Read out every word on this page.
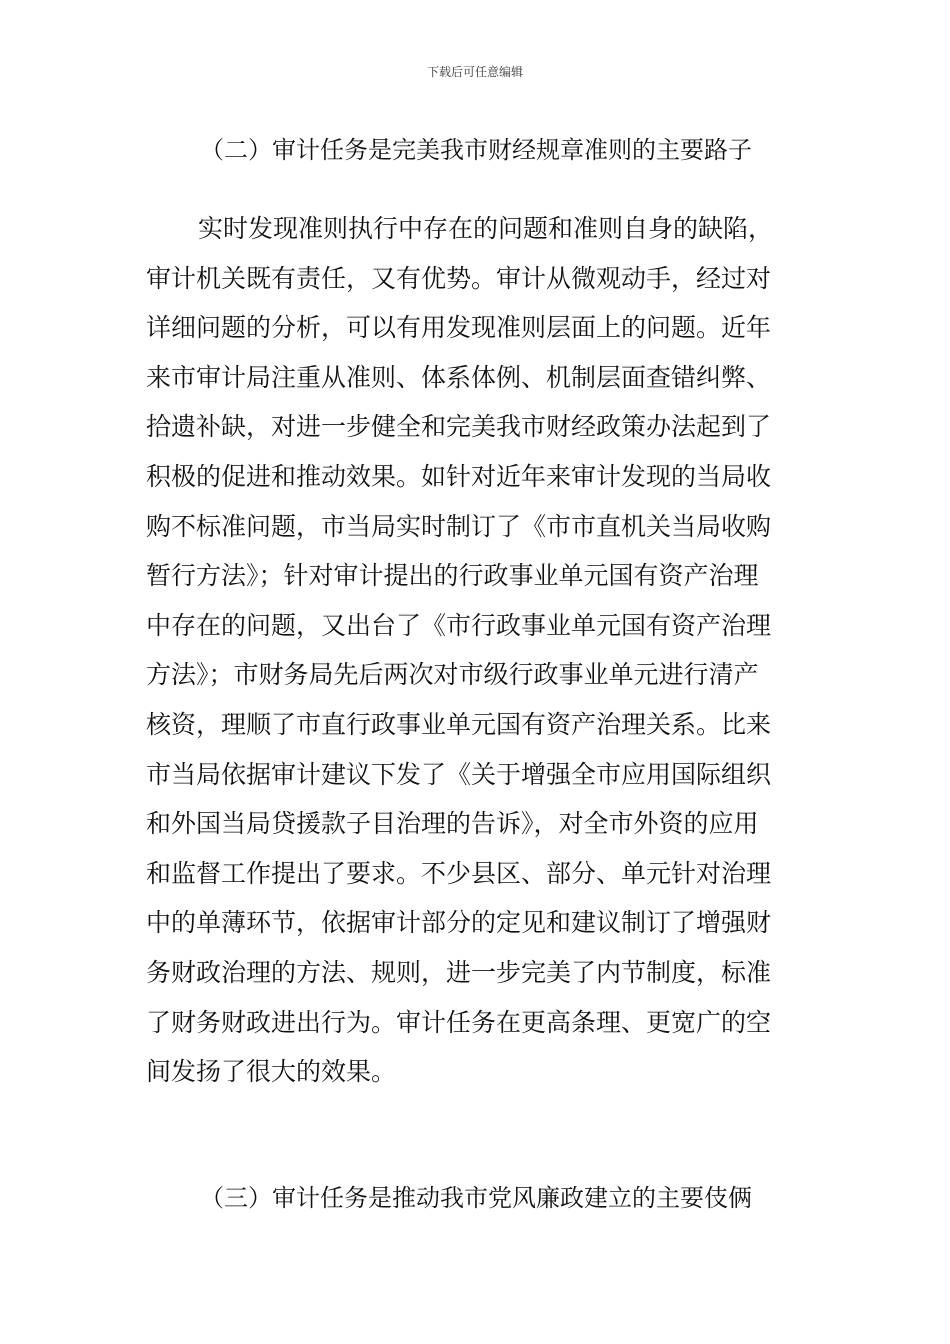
下载后可任意编辑
（二）审计任务是完美我市财经规章准则的主要路子
实时发现准则执行中存在的问题和准则自身的缺陷，
审计机关既有责任，又有优势。审计从微观动手，经过对
详细问题的分析，可以有用发现准则层面上的问题。近年
来市审计局注重从准则、体系体例、机制层面查错纠弊、
拾遗补缺，对进一步健全和完美我市财经政策办法起到了
积极的促进和推动效果。如针对近年来审计发现的当局收
购不标准问题，市当局实时制订了《市市直机关当局收购
暂行方法》；针对审计提出的行政事业单元国有资产治理
中存在的问题，又出台了《市行政事业单元国有资产治理
方法》；市财务局先后两次对市级行政事业单元进行清产
核资，理顺了市直行政事业单元国有资产治理关系。比来
市当局依据审计建议下发了《关于增强全市应用国际组织
和外国当局贷援款子目治理的告诉》，对全市外资的应用
和监督工作提出了要求。不少县区、部分、单元针对治理
中的单薄环节，依据审计部分的定见和建议制订了增强财
务财政治理的方法、规则，进一步完美了内节制度，标准
了财务财政进出行为。审计任务在更高条理、更宽广的空
间发扬了很大的效果。
（三）审计任务是推动我市党风廉政建立的主要伎俩
